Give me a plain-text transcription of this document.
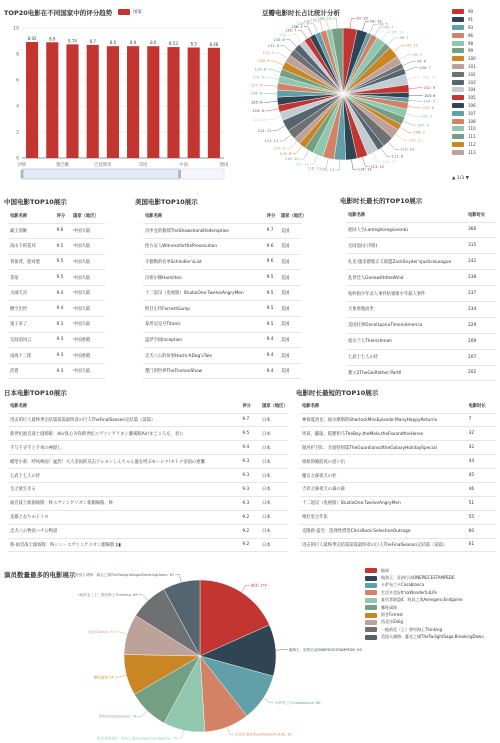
TOP20电影在不同国家中的评分趋势	国家
0
2
4
6
8
10
8.92	8.9	8.74	8.7	8.6	8.6	8.6	8.53	8.5	8.48
伊朗	黎巴嫩	巴基斯坦	印度	中国	德国
豆瓣电影时长占比统计分析
90: 16
91: 12
93: 5
94: 7
95: 11
96: 7
97: 13
98: 9
99: 6
100: 7
101: 12
102: 9
103: 6
104: 5
105: 8
106: 9
107: 9
108: 7
109: 11
110: 13
111: 8
112: 13
113: 12
114: 13
115: 13
116: 13
117: 12
118: 10
119: 8
120: 8
121: 11
122: 13
123: 10
124: 8
125: 9
126: 8
127: 8
128: 8
129: 8
130: 9
131: 9
132: 8
133: 8
134: 7
135: 7
136: 7
137: 6
138: 7
139: 6
140: 13
90
91
93
96
98
99
100
101
102
103
104
105
106
107
108
110
111
112
113
▲ 1/3 ▼
中国电影TOP10展示
电影名称	评分	国家（地区）
霸王别姬	9.6	中国大陆
高山下的花环	9.5	中国大陆
背靠背，脸对脸	9.5	中国大陆
茶馆	9.5	中国大陆
大闹天宫	9.4	中国大陆
横空出世	9.4	中国大陆
鬼子来了	9.3	中国大陆
无间道风云	9.3	中国香港
南海十三郎	9.3	中国香港
活着	9.3	中国大陆
美国电影TOP10展示
电影名称	评分	国家（地区）
肖申克的救赎TheShawshankRedemption	9.7	美国
控方证人WitnessfortheProsecution	9.6	美国
辛德勒的名单Schindler'sList	9.6	美国
汉密尔顿Hamilton	9.5	美国
十二怒汉（电视版）StudioOne:TwelveAngryMen	9.5	美国
阿甘正传ForrestGump	9.5	美国
泰坦尼克号Titanic	9.5	美国
盗梦空间Inception	9.4	美国
忠犬八公的故事Hachi:ADog'sTale	9.4	美国
楚门的世界TheTrumanShow	9.4	美国
电影时长最长的TOP10展示
电影名称	电影时长
轮回人生Lameglioregioventù	366
无间道(正序版)	315
扎克·施奈德版正义联盟ZackSnyder'sJusticeLeague	242
乱世佳人GonewiththeWind	238
牯岭街少年杀人事件牯嶺街少年殺人事件	237
大象席地而坐	234
美国往事OnceUponaTimeinAmerica	229
爱尔兰人TheIrishman	209
七武士七人の侍	207
教父2TheGodfather:PartII	202
日本电影TOP10展示
电影名称	评分	国家（地区）
进击的巨人最终季完结篇前篇最终章の巨人TheFinalSeason完结篇（前篇）	9.7	日本
新世纪福音战士剧场版：Air/真心为你新世紀エヴァンゲリオン劇場版Air/まごころを、君に	9.5	日本
千与千寻千と千尋の神隠し	9.4	日本
蜡笔小新：呼风唤雨！猛烈！大人帝国的反击クレヨンしんちゃん嵐を呼ぶモーレツ!オトナ帝国の逆襲	9.3	日本
七武士七人の侍	9.3	日本
生之欲生きる	9.3	日本
福音战士新剧场版：终エヴァンゲリオン新劇場版：終	9.3	日本
龙猫となりのトトロ	9.2	日本
忠犬八公物语ハチ公物語	9.2	日本
新·福音战士剧场版：终シン・エヴァンゲリオン劇場版:||▮	9.2	日本
电影时长最短的TOP10展示
电影名称	电影时长
神探夏洛克：福尔摩斯的SherlockMiniEpisode-ManyHappyReturns	7
男孩、鼹鼠、狐狸和马TheBoy,theMole,theFoxandtheHorse	32
银河护卫队：圣诞特别篇TheGuardiansoftheGalaxyHolidaySpecial	42
姐姐的婚前夜の思い出	44
魔女之森夜天の杜	45
吉祥之森夜天の森の森	46
十二怒汉（电视版）StudioOne:TwelveAngryMen	51
相拉里之年张	55
克隆新·盗光：选择性惜怨ChrisRock:SelectiveOutrage	60
进击的巨人最终季完结篇前篇最终章の巨人TheFinalSeason完结篇（前篇）	61
演员数量最多的电影展示
地球: 155
航海王：狂热行动ONEPIECESTAMPEDE: 93
卡萨布兰卡Casablanca: 86
生活多美好It'saWonderfulLife: 81
复仇者联盟4：终局之战Avengers:Endgame: 75
阿甘ForrestGump: 74
哪吒闹海 74
西北诗Zelig: 73
一地鸡毛（上）曾经海上Thinking: 69
美国人城铸：暮光之城TheTwilightSaga:BreakingDawn: 67
地球
航海王：狂热行动ONEPIECESTAMPEDE
卡萨布兰卡Casablanca
生活多美好It'saWonderfulLife
复仇者联盟4：终局之战Avengers:Endgame
哪吒闹海
阿甘Forrest
西北诗Zelig
一地鸡毛（上）曾经海上Thinking
美国人城铸：暮光之城TheTwilightSaga:BreakingDawn
